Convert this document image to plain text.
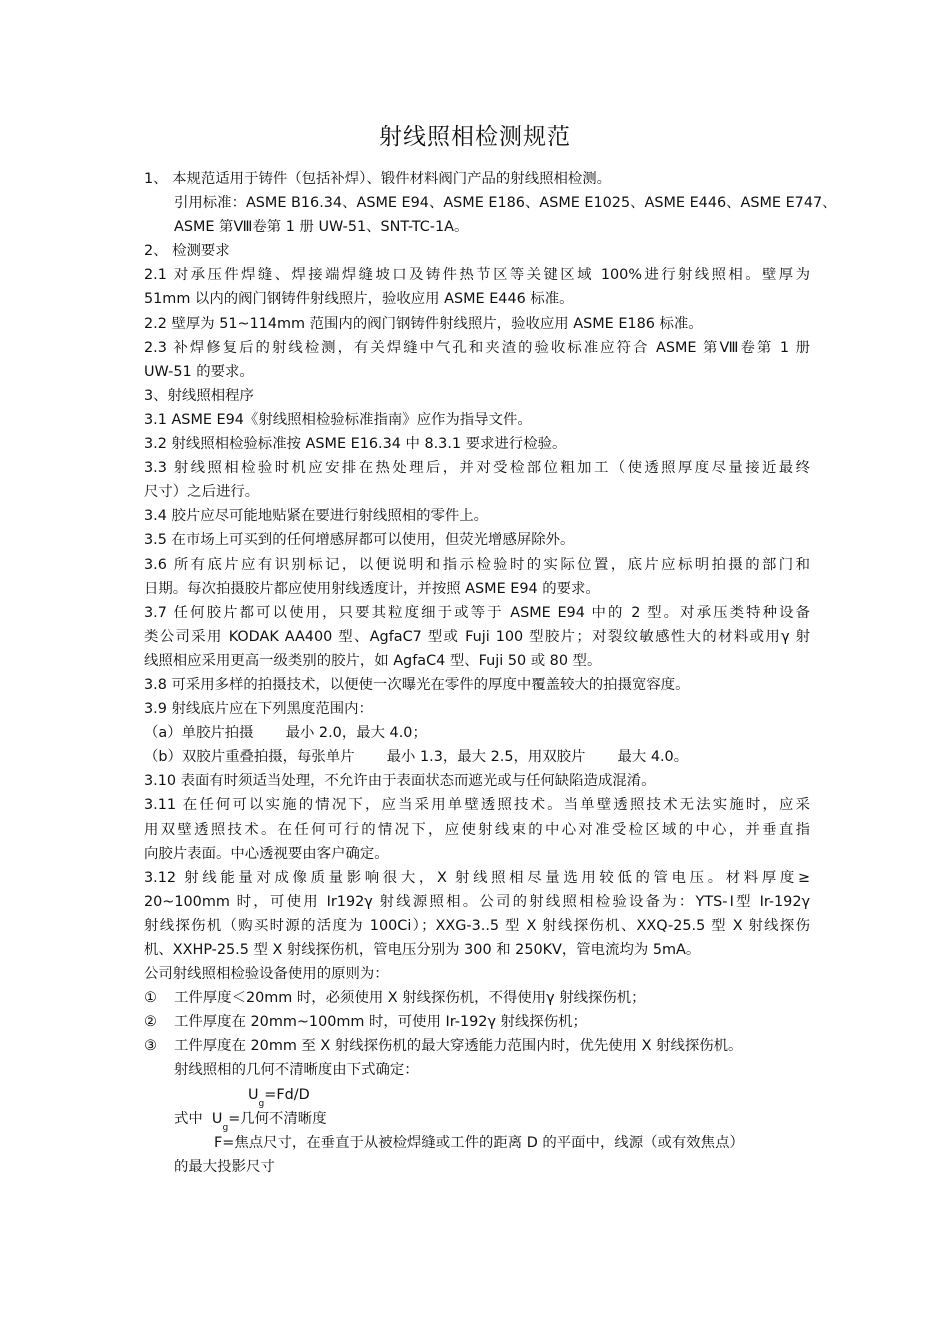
射线照相检测规范
1、 本规范适用于铸件（包括补焊）、锻件材料阀门产品的射线照相检测。
引用标准：ASME B16.34、ASME E94、ASME E186、ASME E1025、ASME E446、ASME E747、
ASME 第Ⅷ卷第 1 册 UW-51、SNT-TC-1A。
2、 检测要求
2.1 对承压件焊缝、焊接端焊缝坡口及铸件热节区等关键区域 100%进行射线照相。壁厚为
51mm 以内的阀门钢铸件射线照片，验收应用 ASME E446 标准。
2.2 壁厚为 51~114mm 范围内的阀门钢铸件射线照片，验收应用 ASME E186 标准。
2.3 补焊修复后的射线检测，有关焊缝中气孔和夹渣的验收标准应符合 ASME 第Ⅷ卷第 1 册
UW-51 的要求。
3、射线照相程序
3.1 ASME E94《射线照相检验标准指南》应作为指导文件。
3.2 射线照相检验标准按 ASME E16.34 中 8.3.1 要求进行检验。
3.3 射线照相检验时机应安排在热处理后，并对受检部位粗加工（使透照厚度尽量接近最终
尺寸）之后进行。
3.4 胶片应尽可能地贴紧在要进行射线照相的零件上。
3.5 在市场上可买到的任何增感屏都可以使用，但荧光增感屏除外。
3.6 所有底片应有识别标记，以便说明和指示检验时的实际位置，底片应标明拍摄的部门和
日期。每次拍摄胶片都应使用射线透度计，并按照 ASME E94 的要求。
3.7 任何胶片都可以使用，只要其粒度细于或等于 ASME E94 中的 2 型。对承压类特种设备
类公司采用 KODAK AA400 型、AgfaC7 型或 Fuji 100 型胶片；对裂纹敏感性大的材料或用γ 射
线照相应采用更高一级类别的胶片，如 AgfaC4 型、Fuji 50 或 80 型。
3.8 可采用多样的拍摄技术，以便使一次曝光在零件的厚度中覆盖较大的拍摄宽容度。
3.9 射线底片应在下列黑度范围内：
（a）单胶片拍摄       最小 2.0，最大 4.0；
（b）双胶片重叠拍摄，每张单片       最小 1.3，最大 2.5，用双胶片       最大 4.0。
3.10 表面有时须适当处理，不允许由于表面状态而遮光或与任何缺陷造成混淆。
3.11 在任何可以实施的情况下，应当采用单壁透照技术。当单壁透照技术无法实施时，应采
用双壁透照技术。在任何可行的情况下，应使射线束的中心对准受检区域的中心，并垂直指
向胶片表面。中心透视要由客户确定。
3.12 射线能量对成像质量影响很大，X 射线照相尽量选用较低的管电压。材料厚度≥
20~100mm 时，可使用 Ir192γ 射线源照相。公司的射线照相检验设备为：YTS-Ⅰ型 Ir-192γ
射线探伤机（购买时源的活度为 100Ci）；XXG-3..5 型 X 射线探伤机、XXQ-25.5 型 X 射线探伤
机、XXHP-25.5 型 X 射线探伤机，管电压分别为 300 和 250KV，管电流均为 5mA。
公司射线照相检验设备使用的原则为：
① 工件厚度＜20mm 时，必须使用 X 射线探伤机，不得使用γ 射线探伤机；
② 工件厚度在 20mm~100mm 时，可使用 Ir-192γ 射线探伤机；
③ 工件厚度在 20mm 至 X 射线探伤机的最大穿透能力范围内时，优先使用 X 射线探伤机。
射线照相的几何不清晰度由下式确定：
$U_g=Fd/D$
式中  $U_g=$几何不清晰度
F=焦点尺寸，在垂直于从被检焊缝或工件的距离 D 的平面中，线源（或有效焦点）
的最大投影尺寸
